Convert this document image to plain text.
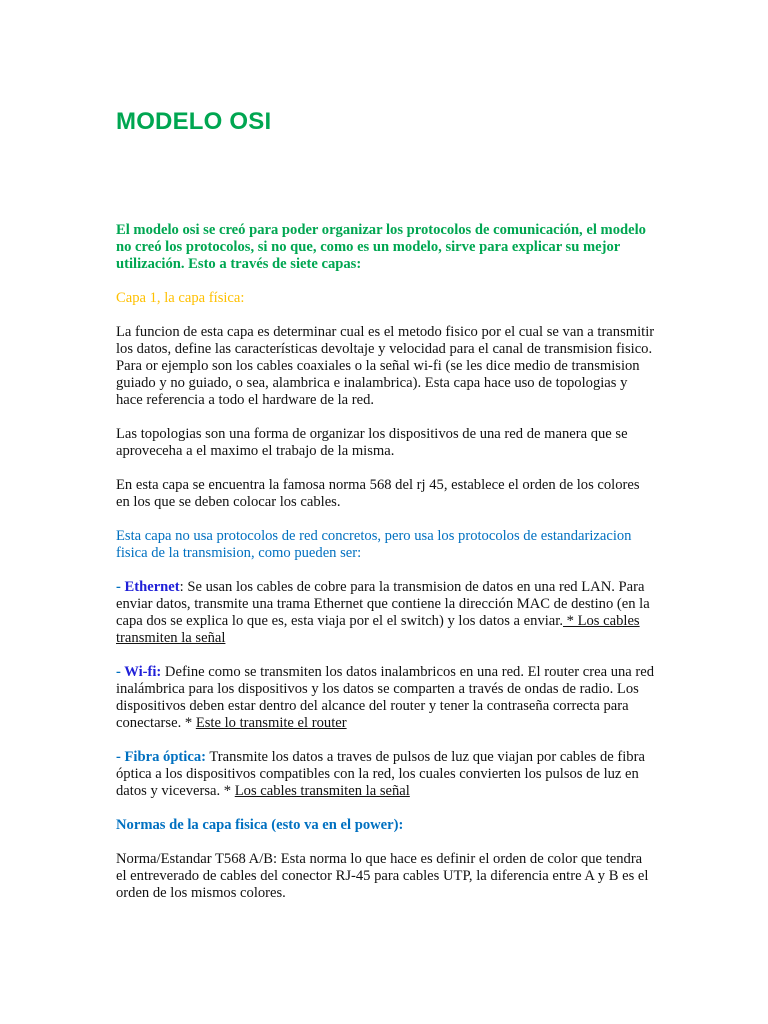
MODELO OSI

El modelo osi se creó para poder organizar los protocolos de comunicación, el modelo no creó los protocolos, si no que, como es un modelo, sirve para explicar su mejor utilización. Esto a través de siete capas:

Capa 1, la capa física:

La funcion de esta capa es determinar cual es el metodo fisico por el cual se van a transmitir los datos, define las características devoltaje y velocidad para el canal de transmision fisico. Para or ejemplo son los cables coaxiales o la señal wi-fi (se les dice medio de transmision guiado y no guiado, o sea, alambrica e inalambrica). Esta capa hace uso de topologias y hace referencia a todo el hardware de la red.

Las topologias son una forma de organizar los dispositivos de una red de manera que se aproveceha a el maximo el trabajo de la misma.

En esta capa se encuentra la famosa norma 568 del rj 45, establece el orden de los colores en los que se deben colocar los cables.

Esta capa no usa protocolos de red concretos, pero usa los protocolos de estandarizacion fisica de la transmision, como pueden ser:

- Ethernet: Se usan los cables de cobre para la transmision de datos en una red LAN. Para enviar datos, transmite una trama Ethernet que contiene la dirección MAC de destino (en la capa dos se explica lo que es, esta viaja por el el switch) y los datos a enviar. * Los cables transmiten la señal

- Wi-fi: Define como se transmiten los datos inalambricos en una red. El router crea una red inalámbrica para los dispositivos y los datos se comparten a través de ondas de radio. Los dispositivos deben estar dentro del alcance del router y tener la contraseña correcta para conectarse. * Este lo transmite el router

- Fibra óptica: Transmite los datos a traves de pulsos de luz que viajan por cables de fibra óptica a los dispositivos compatibles con la red, los cuales convierten los pulsos de luz en datos y viceversa. * Los cables transmiten la señal

Normas de la capa fisica (esto va en el power):

Norma/Estandar T568 A/B: Esta norma lo que hace es definir el orden de color que tendra el entreverado de cables del conector RJ-45 para cables UTP, la diferencia entre A y B es el orden de los mismos colores.
